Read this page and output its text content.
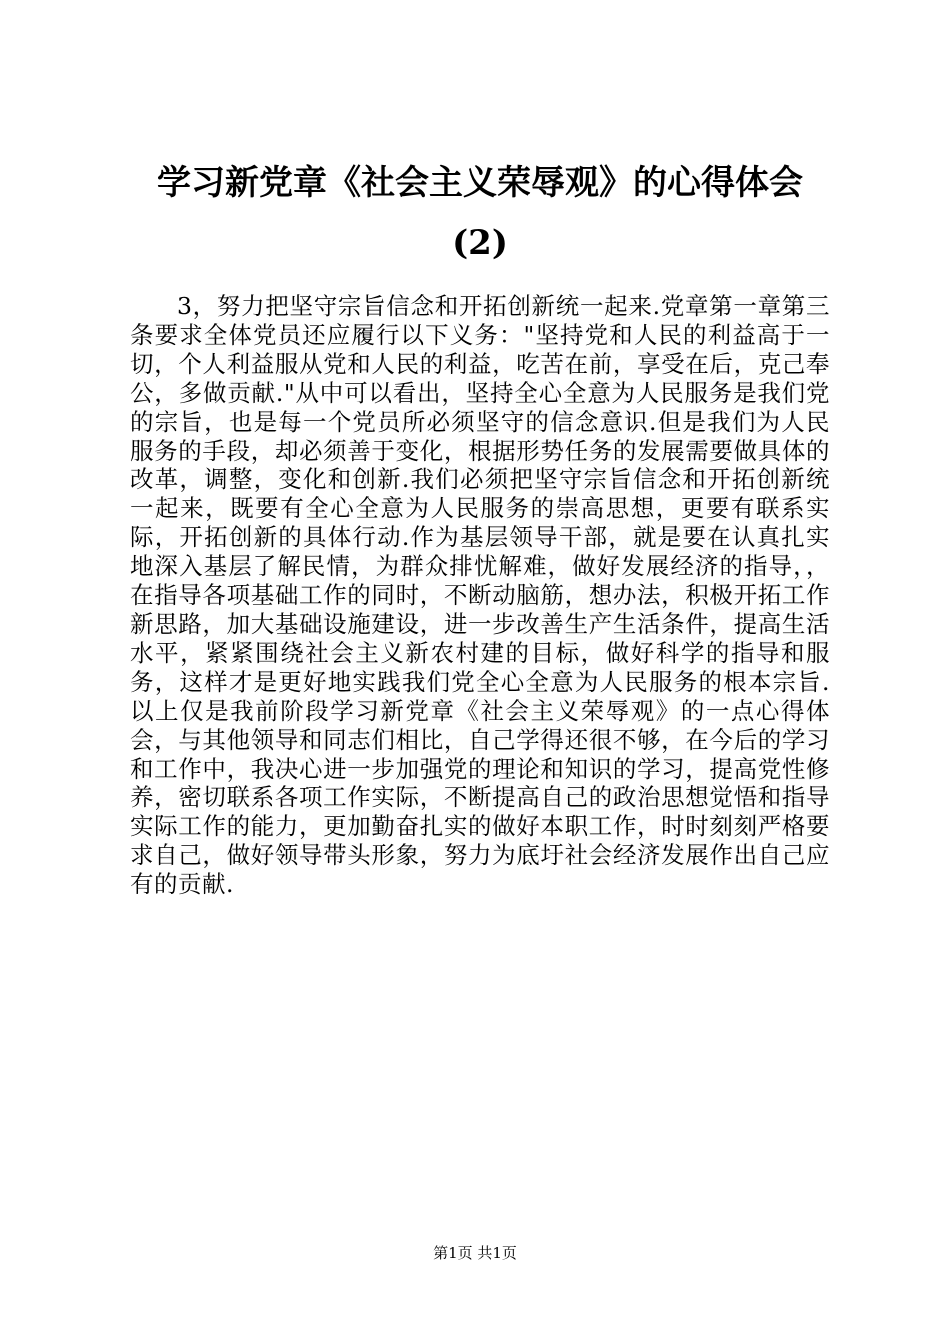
学习新党章《社会主义荣辱观》的心得体会
(2)

3，努力把坚守宗旨信念和开拓创新统一起来.党章第一章第三条要求全体党员还应履行以下义务："坚持党和人民的利益高于一切，个人利益服从党和人民的利益，吃苦在前，享受在后，克己奉公，多做贡献."从中可以看出，坚持全心全意为人民服务是我们党的宗旨，也是每一个党员所必须坚守的信念意识.但是我们为人民服务的手段，却必须善于变化，根据形势任务的发展需要做具体的改革，调整，变化和创新.我们必须把坚守宗旨信念和开拓创新统一起来，既要有全心全意为人民服务的崇高思想，更要有联系实际，开拓创新的具体行动.作为基层领导干部，就是要在认真扎实地深入基层了解民情，为群众排忧解难，做好发展经济的指导，，在指导各项基础工作的同时，不断动脑筋，想办法，积极开拓工作新思路，加大基础设施建设，进一步改善生产生活条件，提高生活水平，紧紧围绕社会主义新农村建的目标，做好科学的指导和服务，这样才是更好地实践我们党全心全意为人民服务的根本宗旨.以上仅是我前阶段学习新党章《社会主义荣辱观》的一点心得体会，与其他领导和同志们相比，自己学得还很不够，在今后的学习和工作中，我决心进一步加强党的理论和知识的学习，提高党性修养，密切联系各项工作实际，不断提高自己的政治思想觉悟和指导实际工作的能力，更加勤奋扎实的做好本职工作，时时刻刻严格要求自己，做好领导带头形象，努力为底圩社会经济发展作出自己应有的贡献.

第1页 共1页
